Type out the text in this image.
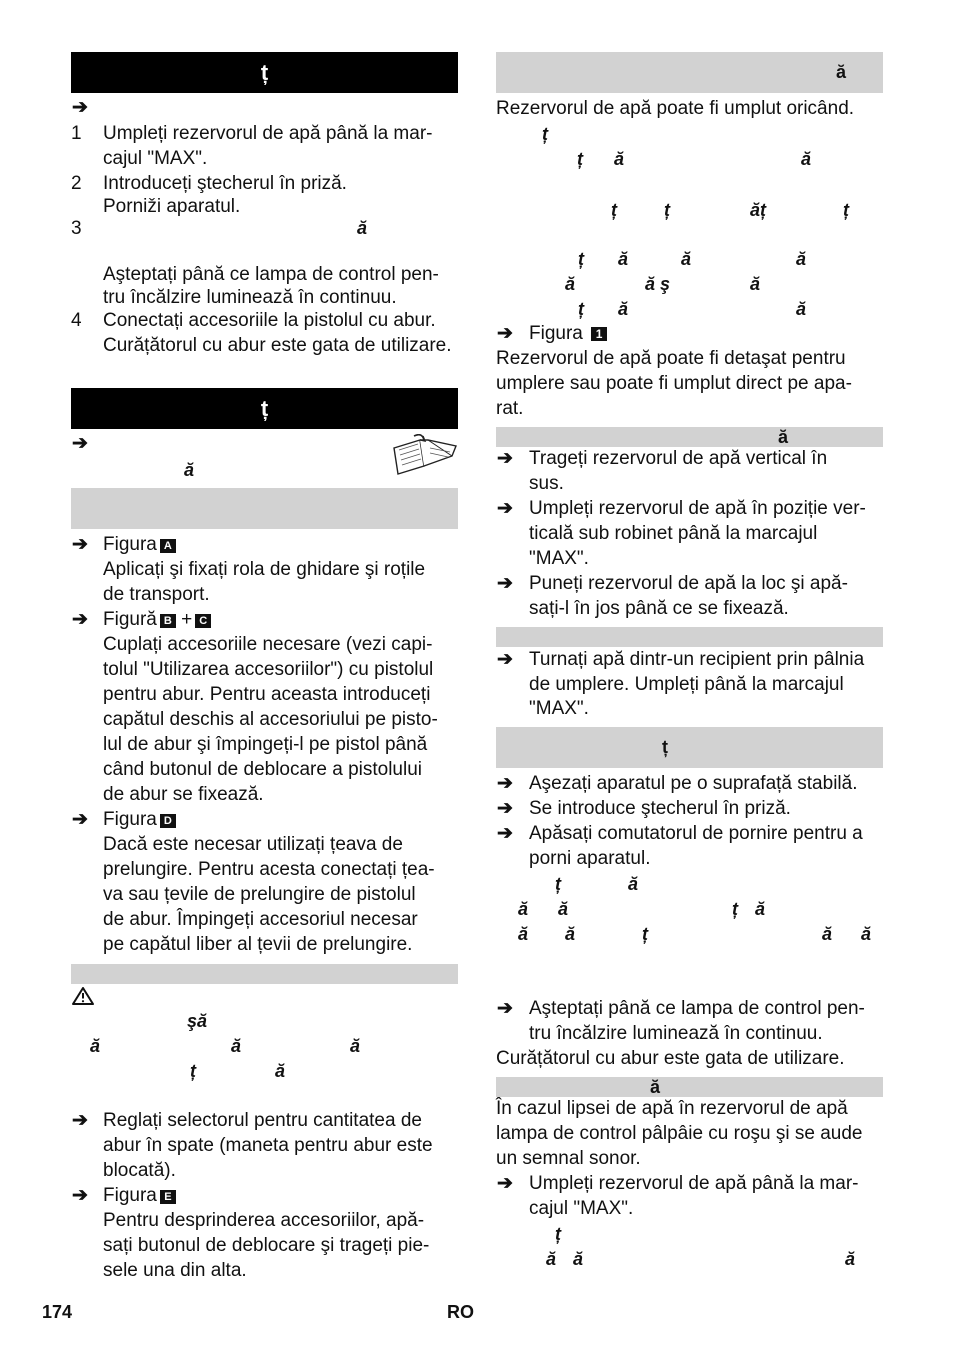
ț
➔
1 Umpleți rezervorul de apă până la mar-
cajul "MAX".
2 Introduceți ştecherul în priză.
Porniži aparatul.
3	ă
Aşteptați până ce lampa de control pen-
tru încălzire luminează în continuu.
4 Conectați accesoriile la pistolul cu abur.
Curățătorul cu abur este gata de utilizare.
ț
➔
ă
➔ Figura A
Aplicați şi fixați rola de ghidare şi roțile
de transport.
➔ Figură B + C
Cuplați accesoriile necesare (vezi capi-
tolul "Utilizarea accesoriilor") cu pistolul
pentru abur. Pentru aceasta introduceți
capătul deschis al accesoriului pe pisto-
lul de abur şi împingeți-l pe pistol până
când butonul de deblocare a pistolului
de abur se fixează.
➔ Figura D
Dacă este necesar utilizați țeava de
prelungire. Pentru acesta conectați țea-
va sau țevile de prelungire de pistolul
de abur. Împingeți accesoriul necesar
pe capătul liber al țevii de prelungire.
şă
ă	ă	ă
ț	ă
➔ Reglați selectorul pentru cantitatea de
abur în spate (maneta pentru abur este
blocată).
➔ Figura E
Pentru desprinderea accesoriilor, apă-
sați butonul de deblocare şi trageți pie-
sele una din alta.
ă
Rezervorul de apă poate fi umplut oricând.
ț
ț ă	ă
ț	ț	ăț	ț
ț ă	ă	ă
ă	ă ş	ă
ț ă	ă
➔ Figura 1
Rezervorul de apă poate fi detaşat pentru
umplere sau poate fi umplut direct pe apa-
rat.
ă
➔ Trageți rezervorul de apă vertical în
sus.
➔ Umpleți rezervorul de apă în poziție ver-
ticală sub robinet până la marcajul
"MAX".
➔ Puneți rezervorul de apă la loc şi apă-
sați-l în jos până ce se fixează.
➔ Turnați apă dintr-un recipient prin pâlnia
de umplere. Umpleți până la marcajul
"MAX".
ț
➔ Aşezați aparatul pe o suprafață stabilă.
➔ Se introduce ştecherul în priză.
➔ Apăsați comutatorul de pornire pentru a
porni aparatul.
ț	ă
ă ă	ț ă
ă ă	ț	ă ă
➔ Aşteptați până ce lampa de control pen-
tru încălzire luminează în continuu.
Curățătorul cu abur este gata de utilizare.
ă
În cazul lipsei de apă în rezervorul de apă
lampa de control pâlpâie cu roşu şi se aude
un semnal sonor.
➔ Umpleți rezervorul de apă până la mar-
cajul "MAX".
ț
ă ă	ă
174	RO
